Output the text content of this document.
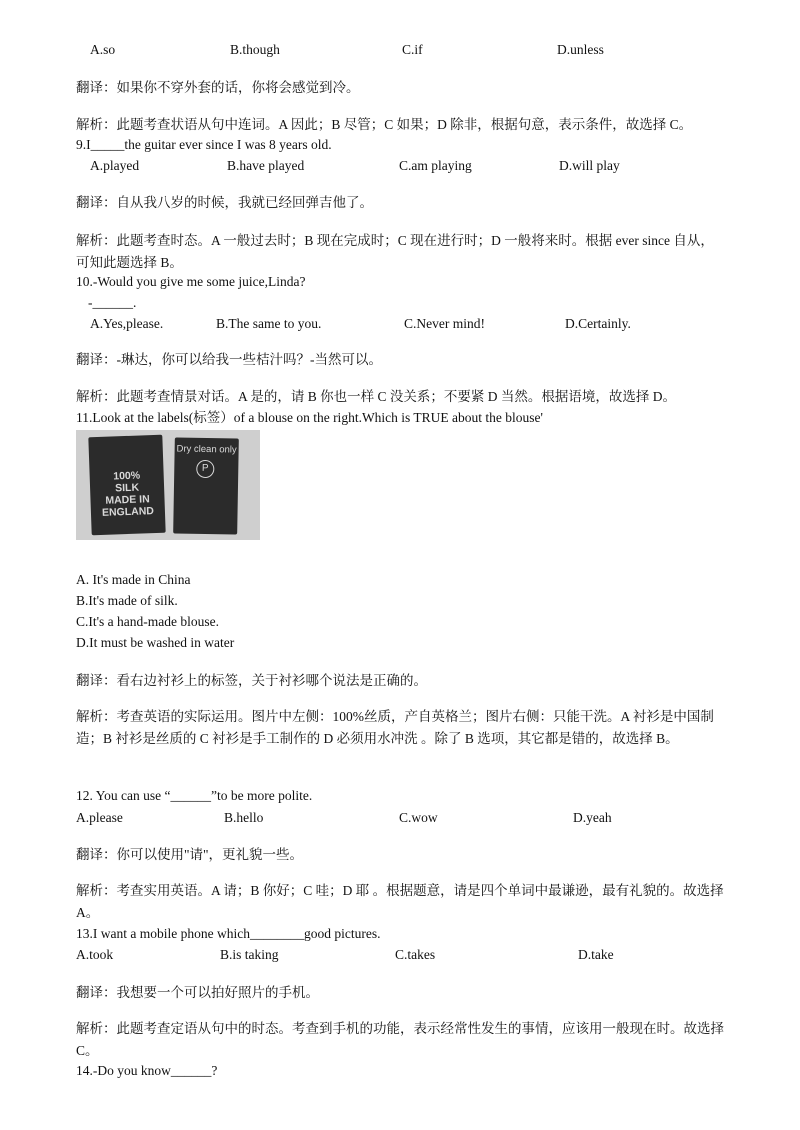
A.so	B.though	C.if	D.unless
翻译：如果你不穿外套的话，你将会感觉到冷。
解析：此题考查状语从句中连词。A 因此；B 尽管；C 如果；D 除非，根据句意，表示条件，故选择 C。
9.I_____the guitar ever since I was 8 years old.
A.played	B.have played	C.am playing	D.will play
翻译：自从我八岁的时候，我就已经回弹吉他了。
解析：此题考查时态。A 一般过去时；B 现在完成时；C 现在进行时；D 一般将来时。根据 ever since 自从，可知此题选择 B。
10.-Would you give me some juice,Linda?
-______.
A.Yes,please.	B.The same to you.	C.Never mind!	D.Certainly.
翻译：-琳达，你可以给我一些桔汁吗？-当然可以。
解析：此题考查情景对话。A 是的，请 B 你也一样 C 没关系；不要紧 D 当然。根据语境，故选择 D。
11.Look at the labels(标签）of a blouse on the right.Which is TRUE about the blouse'
100%
SILK
MADE IN
ENGLAND
Dry clean only
P
A. It's made in China
B.It's made of silk.
C.It's a hand-made blouse.
D.It must be washed in water
翻译：看右边衬衫上的标签，关于衬衫哪个说法是正确的。
解析：考查英语的实际运用。图片中左侧：100%丝质，产自英格兰；图片右侧：只能干洗。A 衬衫是中国制造；B 衬衫是丝质的 C 衬衫是手工制作的 D 必须用水冲洗 。除了 B 选项，其它都是错的，故选择 B。
12. You can use “______”to be more polite.
A.please	B.hello	C.wow	D.yeah
翻译：你可以使用"请"，更礼貌一些。
解析：考查实用英语。A 请；B 你好；C 哇；D 耶 。根据题意，请是四个单词中最谦逊，最有礼貌的。故选择 A。
13.I want a mobile phone which________good pictures.
A.took	B.is taking	C.takes	D.take
翻译：我想要一个可以拍好照片的手机。
解析：此题考查定语从句中的时态。考查到手机的功能，表示经常性发生的事情，应该用一般现在时。故选择 C。
14.-Do you know______?
